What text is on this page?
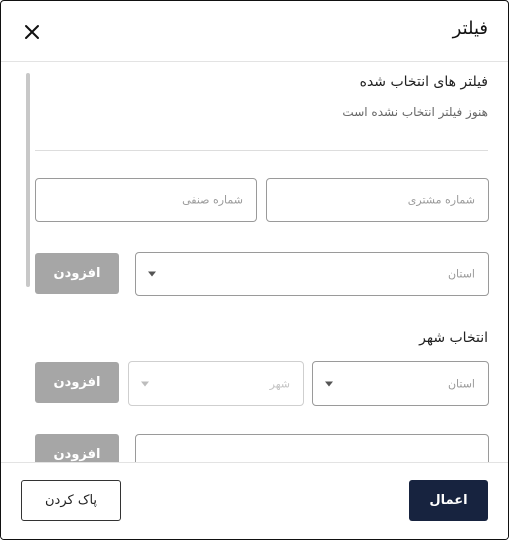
فیلتر
فیلتر های انتخاب شده
هنوز فیلتر انتخاب نشده است
شماره مشتری
شماره صنفی
استان
افزودن
انتخاب شهر
استان
شهر
افزودن
افزودن
اعمال
پاک کردن
